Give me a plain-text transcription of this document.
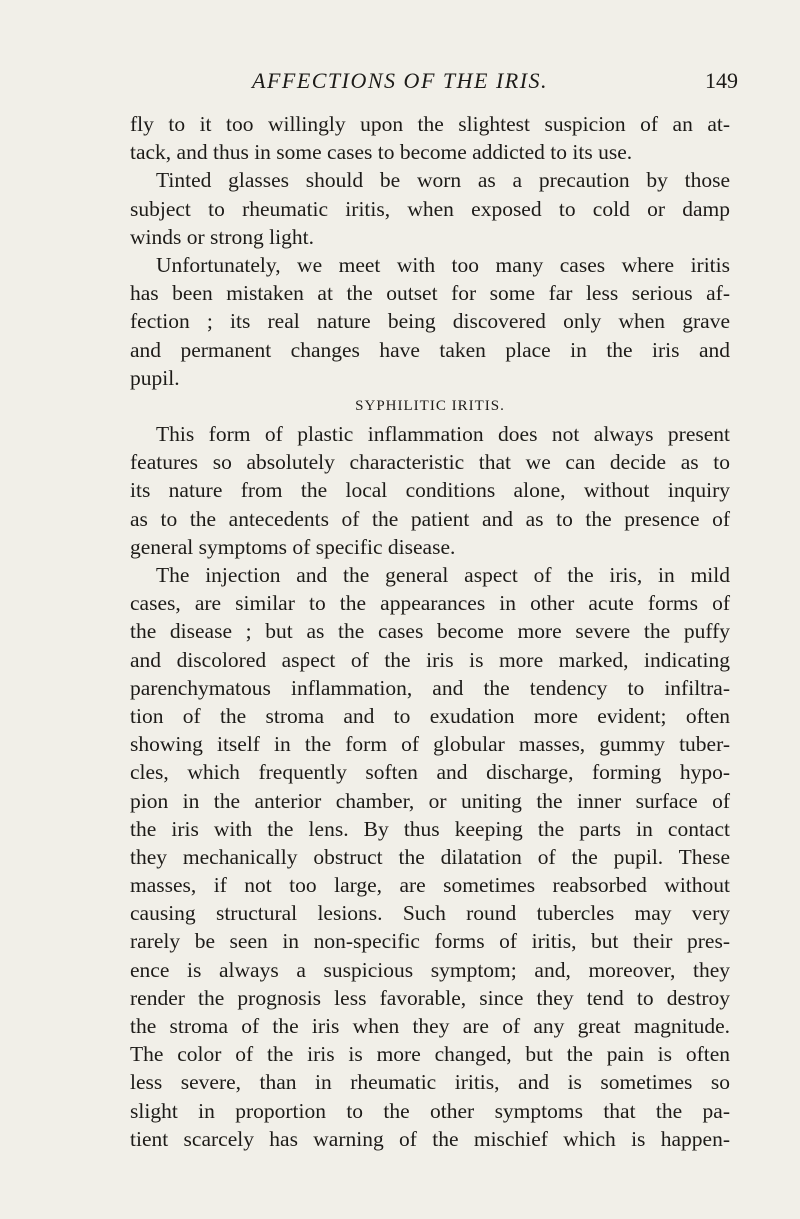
AFFECTIONS OF THE IRIS.	149
fly to it too willingly upon the slightest suspicion of an at-
tack, and thus in some cases to become addicted to its use.
Tinted glasses should be worn as a precaution by those
subject to rheumatic iritis, when exposed to cold or damp
winds or strong light.
Unfortunately, we meet with too many cases where iritis
has been mistaken at the outset for some far less serious af-
fection ; its real nature being discovered only when grave
and permanent changes have taken place in the iris and
pupil.
SYPHILITIC IRITIS.
This form of plastic inflammation does not always present
features so absolutely characteristic that we can decide as to
its nature from the local conditions alone, without inquiry
as to the antecedents of the patient and as to the presence of
general symptoms of specific disease.
The injection and the general aspect of the iris, in mild
cases, are similar to the appearances in other acute forms of
the disease ; but as the cases become more severe the puffy
and discolored aspect of the iris is more marked, indicating
parenchymatous inflammation, and the tendency to infiltra-
tion of the stroma and to exudation more evident; often
showing itself in the form of globular masses, gummy tuber-
cles, which frequently soften and discharge, forming hypo-
pion in the anterior chamber, or uniting the inner surface of
the iris with the lens. By thus keeping the parts in contact
they mechanically obstruct the dilatation of the pupil. These
masses, if not too large, are sometimes reabsorbed without
causing structural lesions. Such round tubercles may very
rarely be seen in non-specific forms of iritis, but their pres-
ence is always a suspicious symptom; and, moreover, they
render the prognosis less favorable, since they tend to destroy
the stroma of the iris when they are of any great magnitude.
The color of the iris is more changed, but the pain is often
less severe, than in rheumatic iritis, and is sometimes so
slight in proportion to the other symptoms that the pa-
tient scarcely has warning of the mischief which is happen-
